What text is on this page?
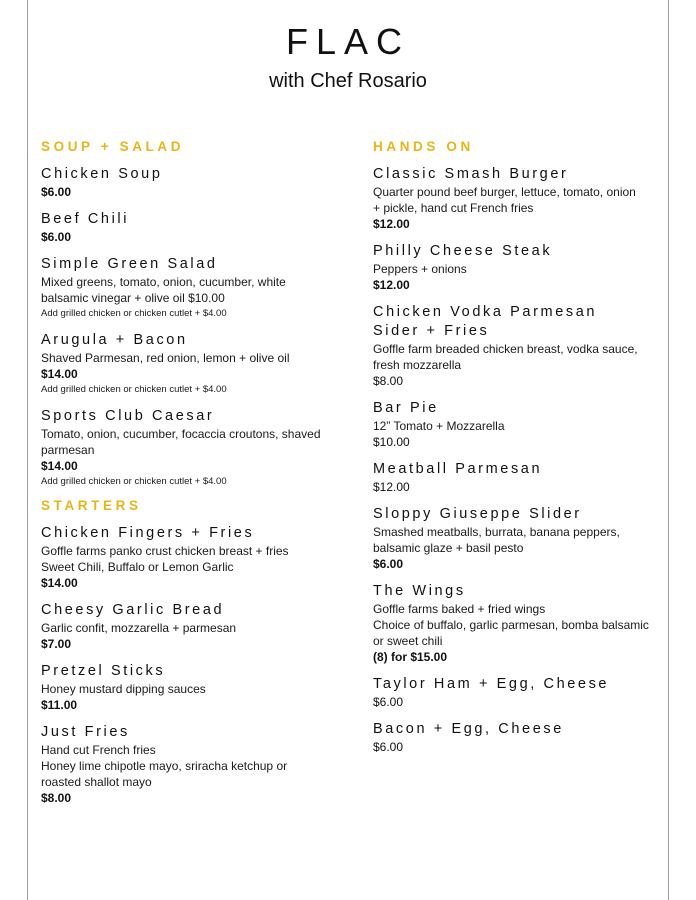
FLAC
with Chef Rosario
SOUP + SALAD
Chicken Soup
$6.00
Beef Chili
$6.00
Simple Green Salad
Mixed greens, tomato, onion, cucumber, white
balsamic vinegar + olive oil $10.00
Add grilled chicken or chicken cutlet + $4.00
Arugula + Bacon
Shaved Parmesan, red onion, lemon + olive oil
$14.00
Add grilled chicken or chicken cutlet + $4.00
Sports Club Caesar
Tomato, onion, cucumber, focaccia croutons, shaved
parmesan
$14.00
Add grilled chicken or chicken cutlet + $4.00
STARTERS
Chicken Fingers + Fries
Goffle farms panko crust chicken breast + fries
Sweet Chili, Buffalo or Lemon Garlic
$14.00
Cheesy Garlic Bread
Garlic confit, mozzarella + parmesan
$7.00
Pretzel Sticks
Honey mustard dipping sauces
$11.00
Just Fries
Hand cut French fries
Honey lime chipotle mayo, sriracha ketchup or
roasted shallot mayo
$8.00
HANDS ON
Classic Smash Burger
Quarter pound beef burger, lettuce, tomato, onion
+ pickle, hand cut French fries
$12.00
Philly Cheese Steak
Peppers + onions
$12.00
Chicken Vodka Parmesan
Sider + Fries
Goffle farm breaded chicken breast, vodka sauce,
fresh mozzarella
$8.00
Bar Pie
12” Tomato + Mozzarella
$10.00
Meatball Parmesan
$12.00
Sloppy Giuseppe Slider
Smashed meatballs, burrata, banana peppers,
balsamic glaze + basil pesto
$6.00
The Wings
Goffle farms baked + fried wings
Choice of buffalo, garlic parmesan, bomba balsamic
or sweet chili
(8) for $15.00
Taylor Ham + Egg, Cheese
$6.00
Bacon + Egg, Cheese
$6.00
